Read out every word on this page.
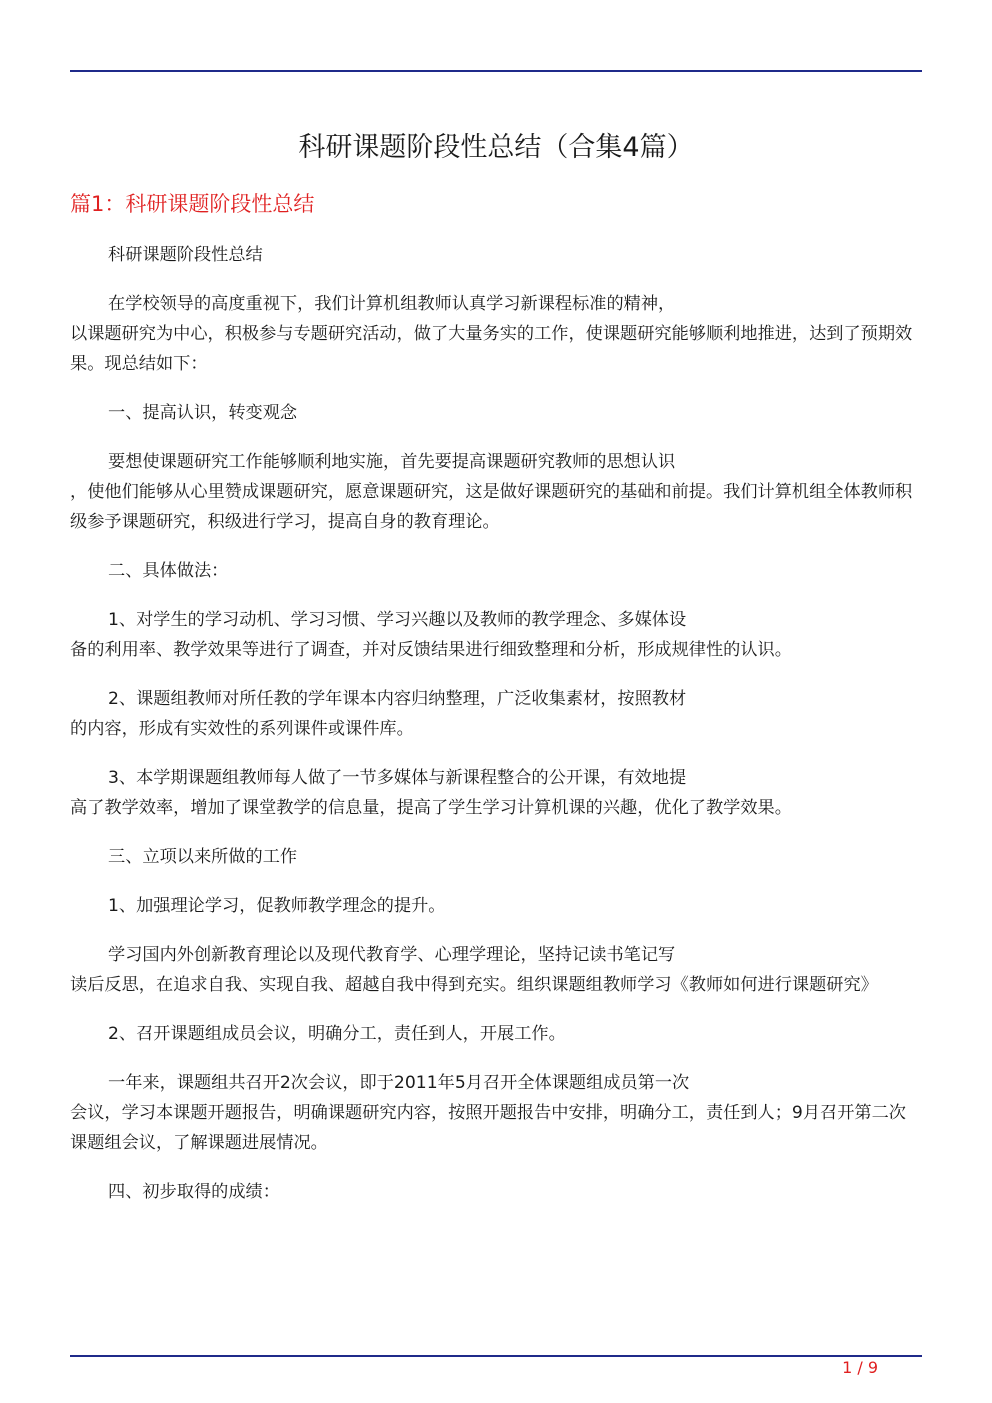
科研课题阶段性总结（合集4篇）
篇1：科研课题阶段性总结

科研课题阶段性总结

在学校领导的高度重视下，我们计算机组教师认真学习新课程标准的精神，
以课题研究为中心，积极参与专题研究活动，做了大量务实的工作，使课题研究能够顺利地推进，达到了预期效果。现总结如下：

一、提高认识，转变观念

要想使课题研究工作能够顺利地实施，首先要提高课题研究教师的思想认识
，使他们能够从心里赞成课题研究，愿意课题研究，这是做好课题研究的基础和前提。我们计算机组全体教师积级参予课题研究，积级进行学习，提高自身的教育理论。

二、具体做法：

1、对学生的学习动机、学习习惯、学习兴趣以及教师的教学理念、多媒体设
备的利用率、教学效果等进行了调查，并对反馈结果进行细致整理和分析，形成规律性的认识。

2、课题组教师对所任教的学年课本内容归纳整理，广泛收集素材，按照教材
的内容，形成有实效性的系列课件或课件库。

3、本学期课题组教师每人做了一节多媒体与新课程整合的公开课，有效地提
高了教学效率，增加了课堂教学的信息量，提高了学生学习计算机课的兴趣，优化了教学效果。

三、立项以来所做的工作

1、加强理论学习，促教师教学理念的提升。

学习国内外创新教育理论以及现代教育学、心理学理论，坚持记读书笔记写
读后反思，在追求自我、实现自我、超越自我中得到充实。组织课题组教师学习《教师如何进行课题研究》

2、召开课题组成员会议，明确分工，责任到人，开展工作。

一年来，课题组共召开2次会议，即于2011年5月召开全体课题组成员第一次
会议，学习本课题开题报告，明确课题研究内容，按照开题报告中安排，明确分工，责任到人；9月召开第二次课题组会议，了解课题进展情况。

四、初步取得的成绩：

1 / 9
